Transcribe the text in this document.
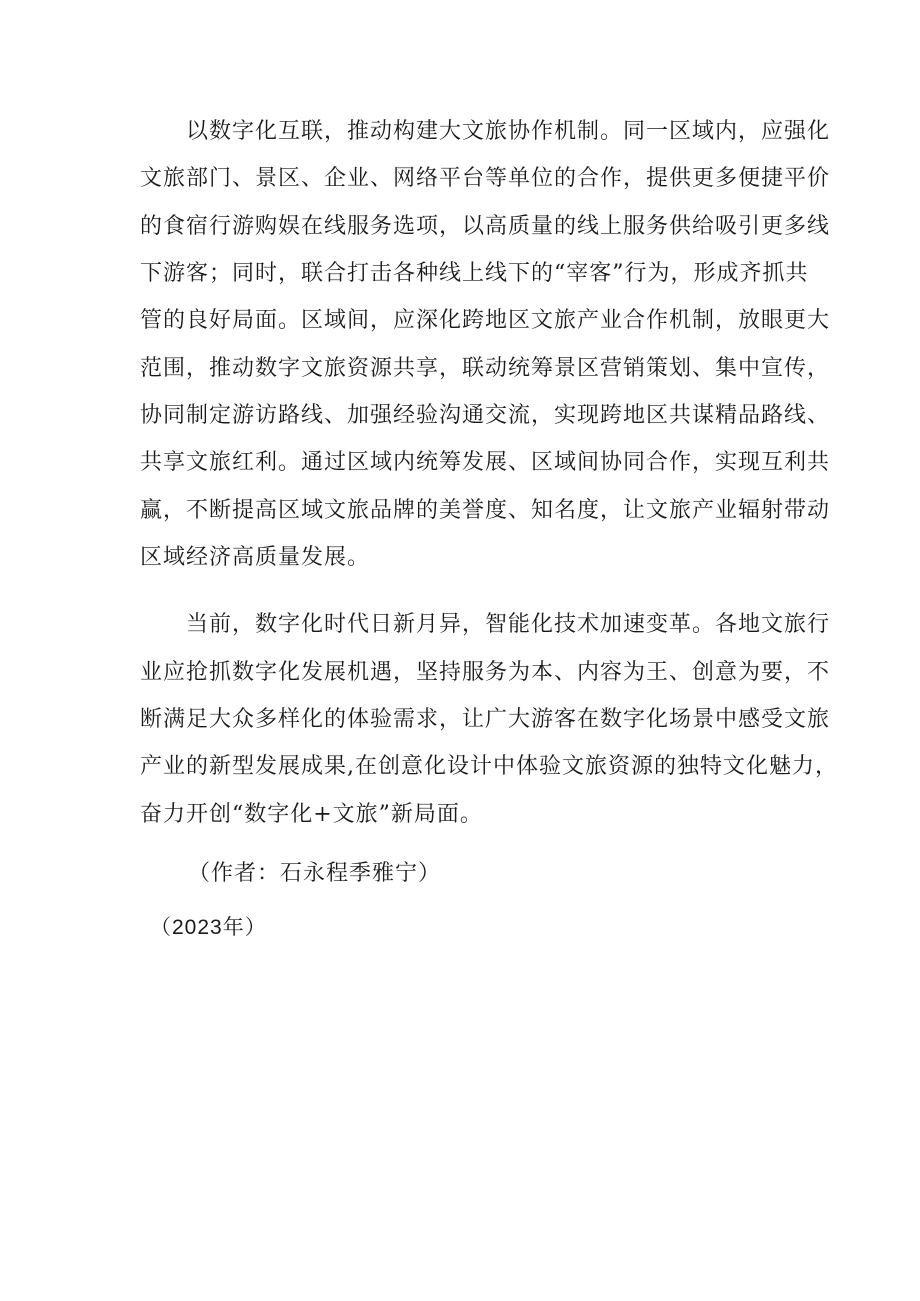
以数字化互联，推动构建大文旅协作机制。同一区域内，应强化
文旅部门、景区、企业、网络平台等单位的合作，提供更多便捷平价
的食宿行游购娱在线服务选项，以高质量的线上服务供给吸引更多线
下游客；同时，联合打击各种线上线下的“宰客”行为，形成齐抓共
管的良好局面。区域间，应深化跨地区文旅产业合作机制，放眼更大
范围，推动数字文旅资源共享，联动统筹景区营销策划、集中宣传，
协同制定游访路线、加强经验沟通交流，实现跨地区共谋精品路线、
共享文旅红利。通过区域内统筹发展、区域间协同合作，实现互利共
赢，不断提高区域文旅品牌的美誉度、知名度，让文旅产业辐射带动
区域经济高质量发展。
当前，数字化时代日新月异，智能化技术加速变革。各地文旅行
业应抢抓数字化发展机遇，坚持服务为本、内容为王、创意为要，不
断满足大众多样化的体验需求，让广大游客在数字化场景中感受文旅
产业的新型发展成果,在创意化设计中体验文旅资源的独特文化魅力，
奋力开创“数字化+文旅”新局面。
（作者：石永程季雅宁）
（2023年）
